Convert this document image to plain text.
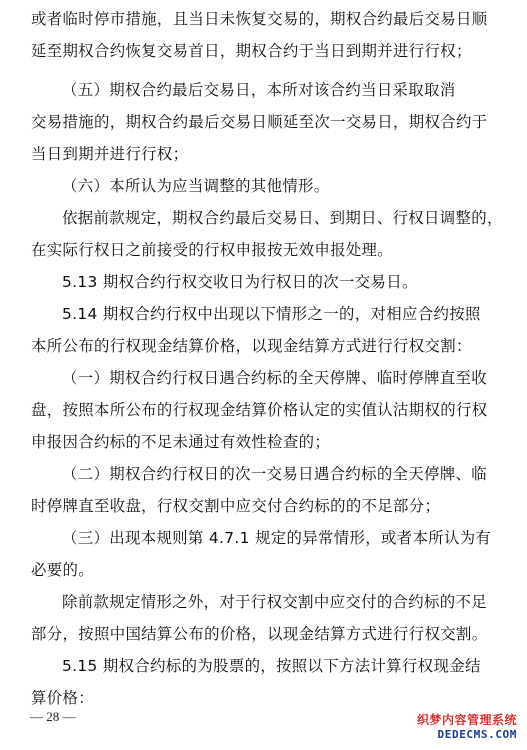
或者临时停市措施，且当日未恢复交易的，期权合约最后交易日顺
延至期权合约恢复交易首日，期权合约于当日到期并进行行权；
（五）期权合约最后交易日，本所对该合约当日采取取消
交易措施的，期权合约最后交易日顺延至次一交易日，期权合约于
当日到期并进行行权；
（六）本所认为应当调整的其他情形。
依据前款规定，期权合约最后交易日、到期日、行权日调整的，
在实际行权日之前接受的行权申报按无效申报处理。
5.13 期权合约行权交收日为行权日的次一交易日。
5.14 期权合约行权中出现以下情形之一的，对相应合约按照
本所公布的行权现金结算价格，以现金结算方式进行行权交割：
（一）期权合约行权日遇合约标的全天停牌、临时停牌直至收
盘，按照本所公布的行权现金结算价格认定的实值认沽期权的行权
申报因合约标的不足未通过有效性检查的；
（二）期权合约行权日的次一交易日遇合约标的全天停牌、临
时停牌直至收盘，行权交割中应交付合约标的的不足部分；
（三）出现本规则第 4.7.1 规定的异常情形，或者本所认为有
必要的。
除前款规定情形之外，对于行权交割中应交付的合约标的不足
部分，按照中国结算公布的价格，以现金结算方式进行行权交割。
5.15 期权合约标的为股票的，按照以下方法计算行权现金结
算价格：
— 28 —	织梦内容管理系统
DEDECMS.COM
